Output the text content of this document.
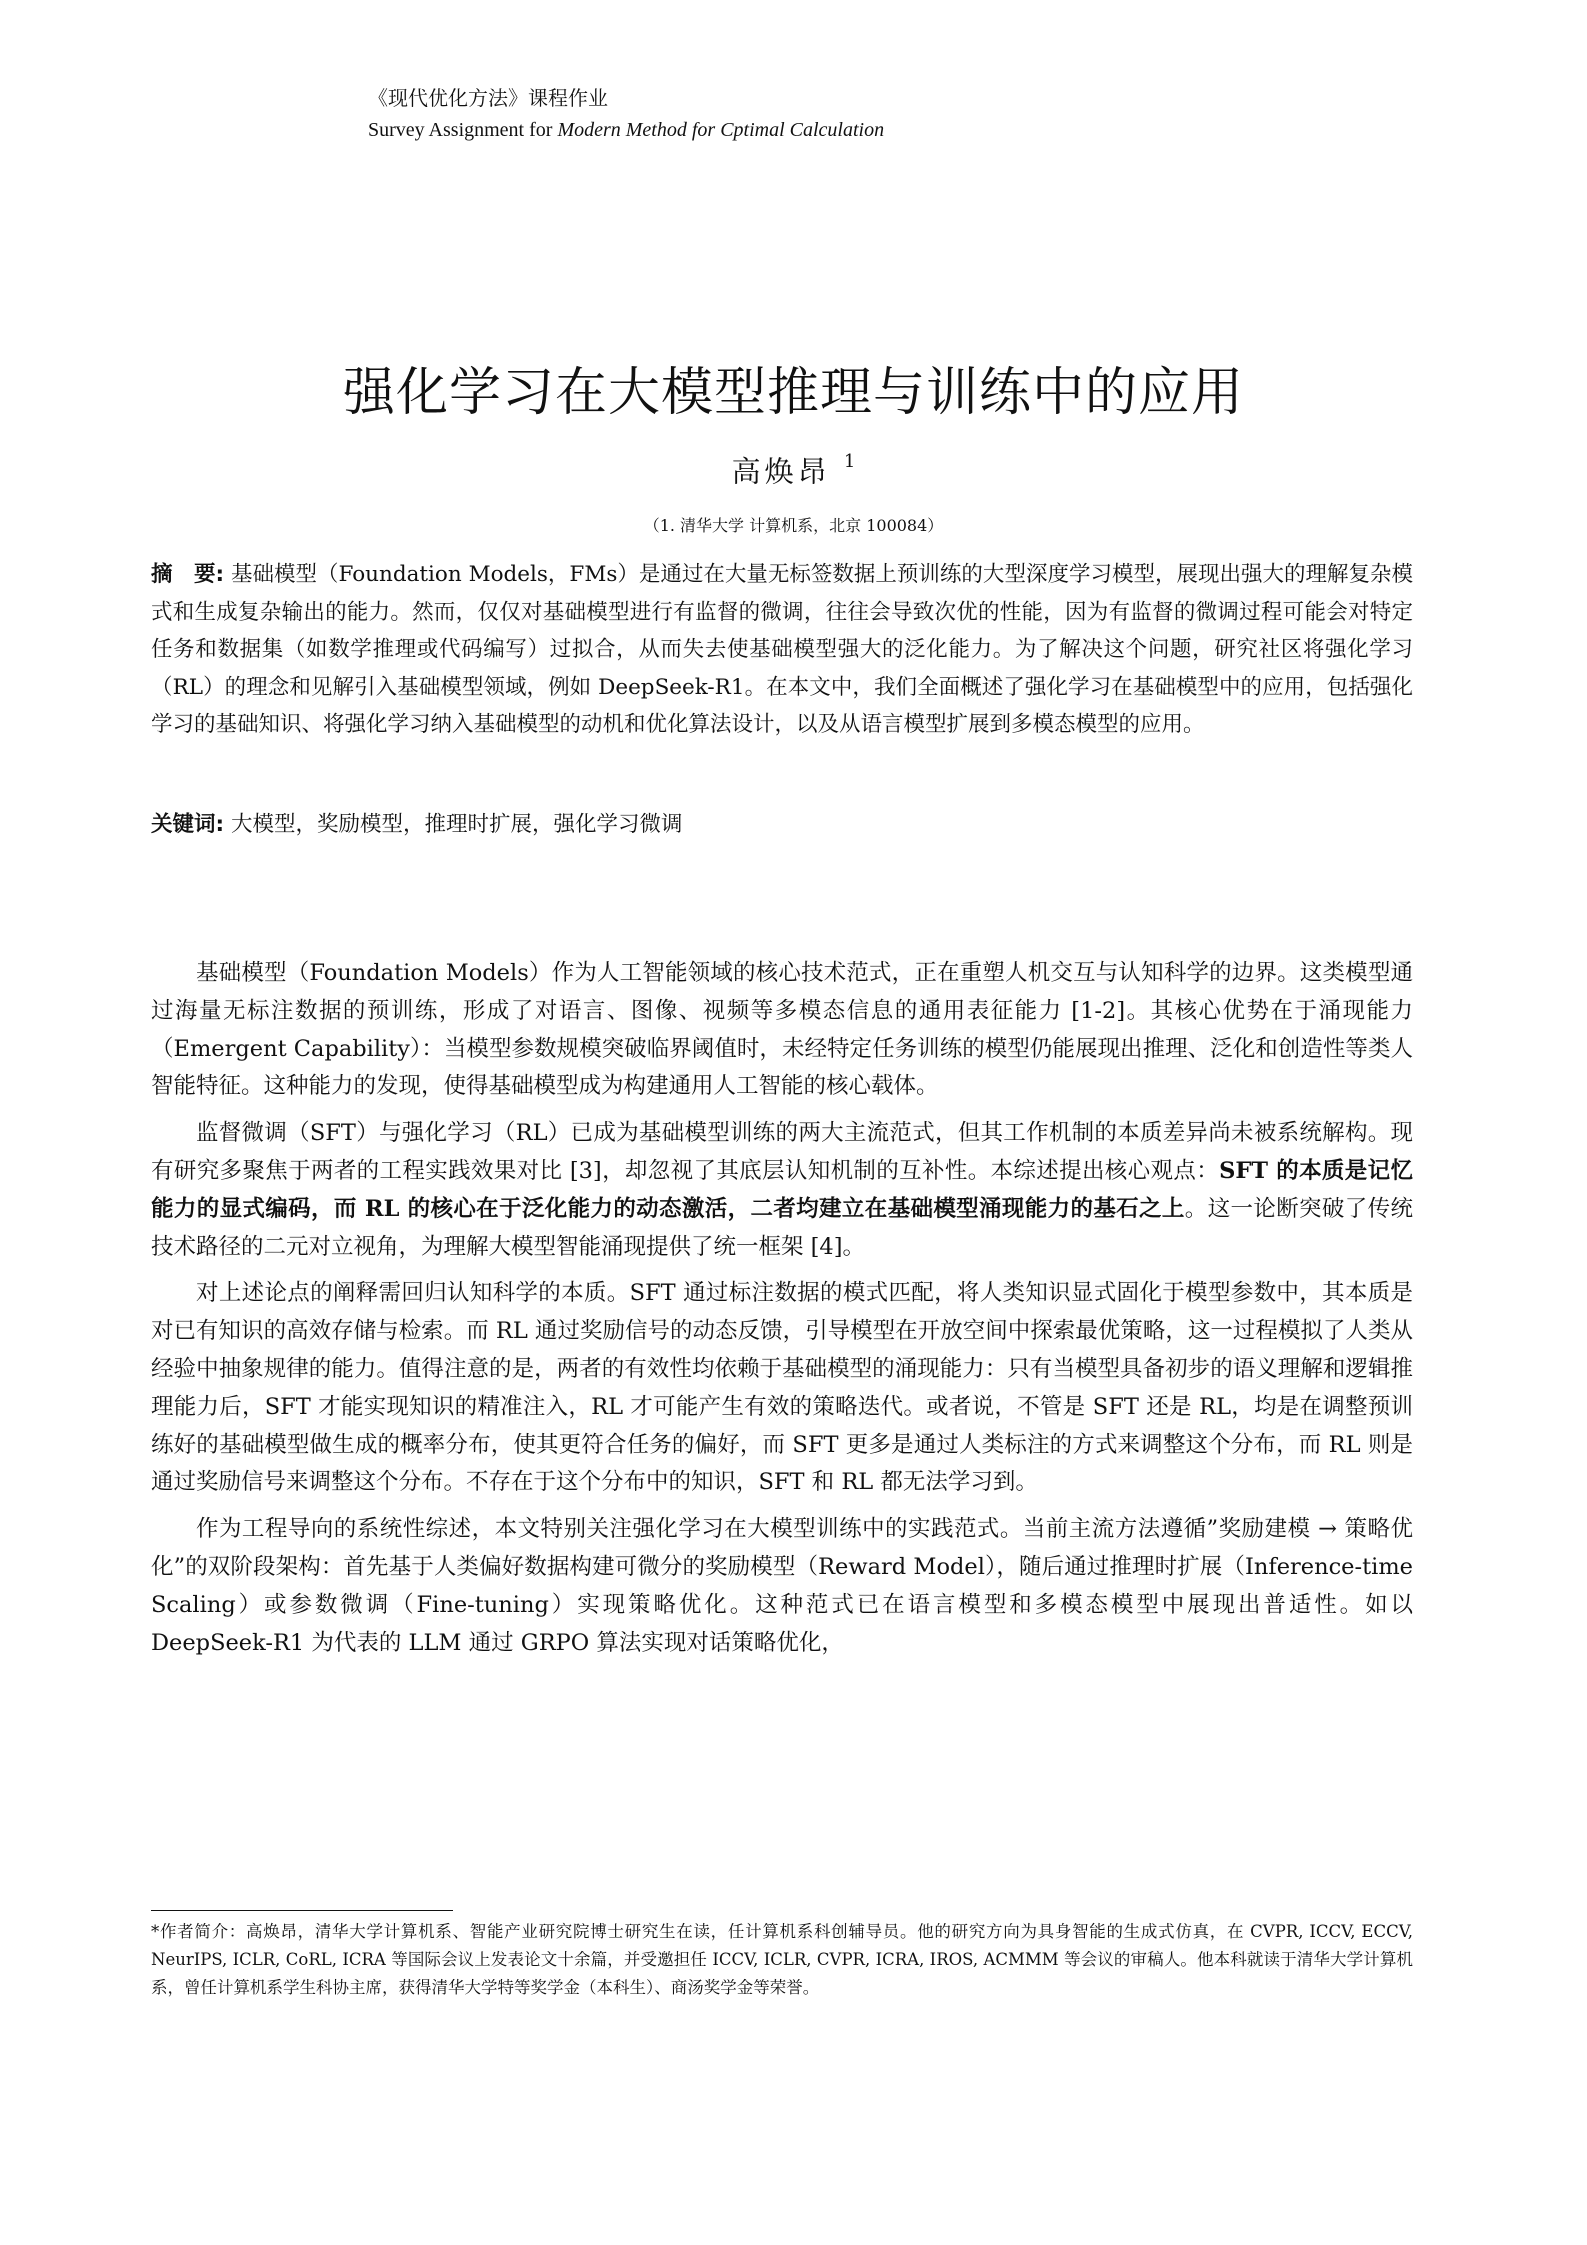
《现代优化方法》课程作业
Survey Assignment for Modern Method for Cptimal Calculation
强化学习在大模型推理与训练中的应用
高焕昂 $^1$
（1. 清华大学 计算机系，北京 100084）
摘　要: 基础模型（Foundation Models，FMs）是通过在大量无标签数据上预训练的大型深度学习模型，展现出强大的理解复杂模式和生成复杂输出的能力。然而，仅仅对基础模型进行有监督的微调，往往会导致次优的性能，因为有监督的微调过程可能会对特定任务和数据集（如数学推理或代码编写）过拟合，从而失去使基础模型强大的泛化能力。为了解决这个问题，研究社区将强化学习（RL）的理念和见解引入基础模型领域，例如 DeepSeek-R1。在本文中，我们全面概述了强化学习在基础模型中的应用，包括强化学习的基础知识、将强化学习纳入基础模型的动机和优化算法设计，以及从语言模型扩展到多模态模型的应用。
关键词: 大模型，奖励模型，推理时扩展，强化学习微调

基础模型（Foundation Models）作为人工智能领域的核心技术范式，正在重塑人机交互与认知科学的边界。这类模型通过海量无标注数据的预训练，形成了对语言、图像、视频等多模态信息的通用表征能力 [1-2]。其核心优势在于涌现能力（Emergent Capability）：当模型参数规模突破临界阈值时，未经特定任务训练的模型仍能展现出推理、泛化和创造性等类人智能特征。这种能力的发现，使得基础模型成为构建通用人工智能的核心载体。

监督微调（SFT）与强化学习（RL）已成为基础模型训练的两大主流范式，但其工作机制的本质差异尚未被系统解构。现有研究多聚焦于两者的工程实践效果对比 [3]，却忽视了其底层认知机制的互补性。本综述提出核心观点：SFT 的本质是记忆能力的显式编码，而 RL 的核心在于泛化能力的动态激活，二者均建立在基础模型涌现能力的基石之上。这一论断突破了传统技术路径的二元对立视角，为理解大模型智能涌现提供了统一框架 [4]。

对上述论点的阐释需回归认知科学的本质。SFT 通过标注数据的模式匹配，将人类知识显式固化于模型参数中，其本质是对已有知识的高效存储与检索。而 RL 通过奖励信号的动态反馈，引导模型在开放空间中探索最优策略，这一过程模拟了人类从经验中抽象规律的能力。值得注意的是，两者的有效性均依赖于基础模型的涌现能力：只有当模型具备初步的语义理解和逻辑推理能力后，SFT 才能实现知识的精准注入，RL 才可能产生有效的策略迭代。或者说，不管是 SFT 还是 RL，均是在调整预训练好的基础模型做生成的概率分布，使其更符合任务的偏好，而 SFT 更多是通过人类标注的方式来调整这个分布，而 RL 则是通过奖励信号来调整这个分布。不存在于这个分布中的知识，SFT 和 RL 都无法学习到。

作为工程导向的系统性综述，本文特别关注强化学习在大模型训练中的实践范式。当前主流方法遵循”奖励建模 → 策略优化”的双阶段架构：首先基于人类偏好数据构建可微分的奖励模型（Reward Model），随后通过推理时扩展（Inference-time Scaling）或参数微调（Fine-tuning）实现策略优化。这种范式已在语言模型和多模态模型中展现出普适性。如以 DeepSeek-R1 为代表的 LLM 通过 GRPO 算法实现对话策略优化，

*作者简介：高焕昂，清华大学计算机系、智能产业研究院博士研究生在读，任计算机系科创辅导员。他的研究方向为具身智能的生成式仿真，在 CVPR, ICCV, ECCV, NeurIPS, ICLR, CoRL, ICRA 等国际会议上发表论文十余篇，并受邀担任 ICCV, ICLR, CVPR, ICRA, IROS, ACMMM 等会议的审稿人。他本科就读于清华大学计算机系，曾任计算机系学生科协主席，获得清华大学特等奖学金（本科生）、商汤奖学金等荣誉。
